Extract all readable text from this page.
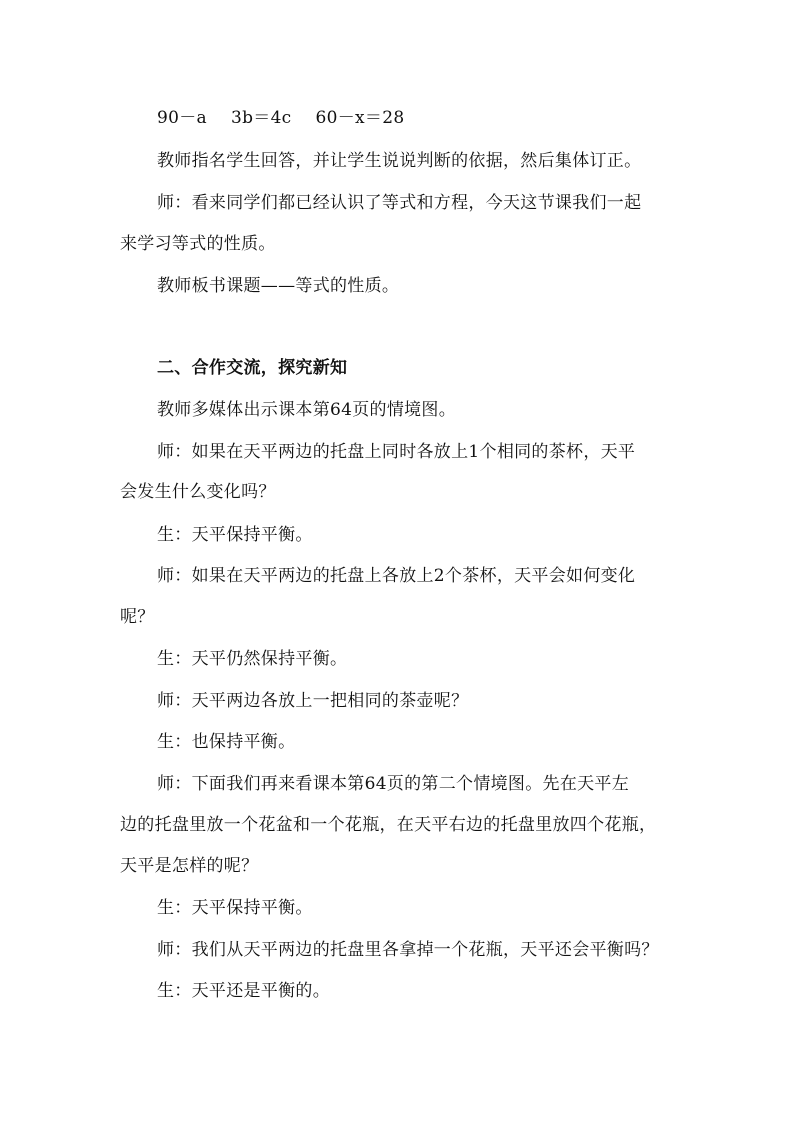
90－a 3b＝4c 60－x＝28
教师指名学生回答，并让学生说说判断的依据，然后集体订正。
师：看来同学们都已经认识了等式和方程，今天这节课我们一起
来学习等式的性质。
教师板书课题——等式的性质。
二、合作交流，探究新知
教师多媒体出示课本第64页的情境图。
师：如果在天平两边的托盘上同时各放上1个相同的茶杯，天平
会发生什么变化吗？
生：天平保持平衡。
师：如果在天平两边的托盘上各放上2个茶杯，天平会如何变化
呢？
生：天平仍然保持平衡。
师：天平两边各放上一把相同的茶壶呢？
生：也保持平衡。
师：下面我们再来看课本第64页的第二个情境图。先在天平左
边的托盘里放一个花盆和一个花瓶，在天平右边的托盘里放四个花瓶，
天平是怎样的呢？
生：天平保持平衡。
师：我们从天平两边的托盘里各拿掉一个花瓶，天平还会平衡吗？
生：天平还是平衡的。
